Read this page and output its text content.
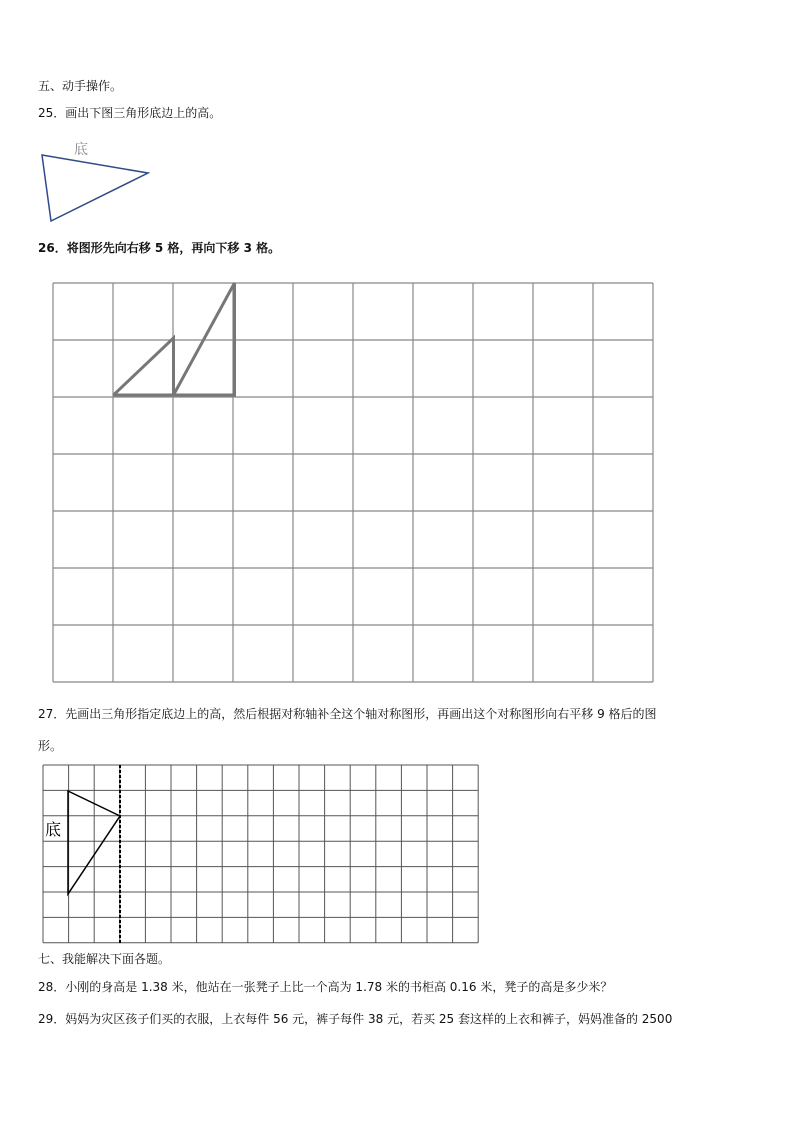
五、动手操作。
25．画出下图三角形底边上的高。
底
26．将图形先向右移 5 格，再向下移 3 格。
27．先画出三角形指定底边上的高，然后根据对称轴补全这个轴对称图形，再画出这个对称图形向右平移 9 格后的图
形。
底
七、我能解决下面各题。
28．小刚的身高是 1.38 米，他站在一张凳子上比一个高为 1.78 米的书柜高 0.16 米，凳子的高是多少米？
29．妈妈为灾区孩子们买的衣服，上衣每件 56 元，裤子每件 38 元，若买 25 套这样的上衣和裤子，妈妈准备的 2500
